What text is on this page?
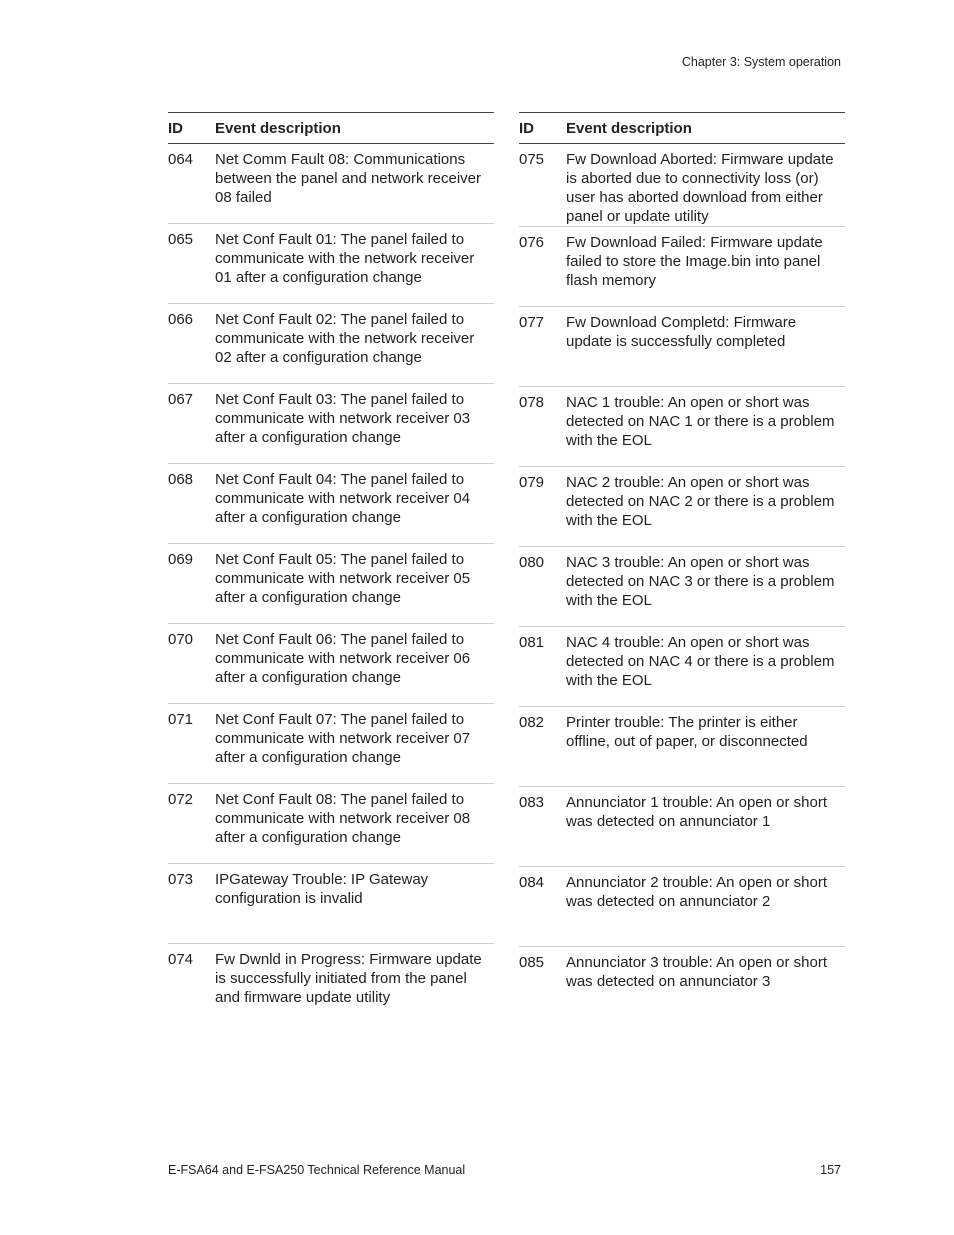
Chapter 3: System operation
ID	Event description
064	Net Comm Fault 08: Communications between the panel and network receiver 08 failed
065	Net Conf Fault 01: The panel failed to communicate with the network receiver 01 after a configuration change
066	Net Conf Fault 02: The panel failed to communicate with the network receiver 02 after a configuration change
067	Net Conf Fault 03: The panel failed to communicate with network receiver 03 after a configuration change
068	Net Conf Fault 04: The panel failed to communicate with network receiver 04 after a configuration change
069	Net Conf Fault 05: The panel failed to communicate with network receiver 05 after a configuration change
070	Net Conf Fault 06: The panel failed to communicate with network receiver 06 after a configuration change
071	Net Conf Fault 07: The panel failed to communicate with network receiver 07 after a configuration change
072	Net Conf Fault 08: The panel failed to communicate with network receiver 08 after a configuration change
073	IPGateway Trouble: IP Gateway configuration is invalid
074	Fw Dwnld in Progress: Firmware update is successfully initiated from the panel and firmware update utility
ID	Event description
075	Fw Download Aborted: Firmware update is aborted due to connectivity loss (or) user has aborted download from either panel or update utility
076	Fw Download Failed: Firmware update failed to store the Image.bin into panel flash memory
077	Fw Download Completd: Firmware update is successfully completed
078	NAC 1 trouble: An open or short was detected on NAC 1 or there is a problem with the EOL
079	NAC 2 trouble: An open or short was detected on NAC 2 or there is a problem with the EOL
080	NAC 3 trouble: An open or short was detected on NAC 3 or there is a problem with the EOL
081	NAC 4 trouble: An open or short was detected on NAC 4 or there is a problem with the EOL
082	Printer trouble: The printer is either offline, out of paper, or disconnected
083	Annunciator 1 trouble: An open or short was detected on annunciator 1
084	Annunciator 2 trouble: An open or short was detected on annunciator 2
085	Annunciator 3 trouble: An open or short was detected on annunciator 3
E-FSA64 and E-FSA250 Technical Reference Manual	157
